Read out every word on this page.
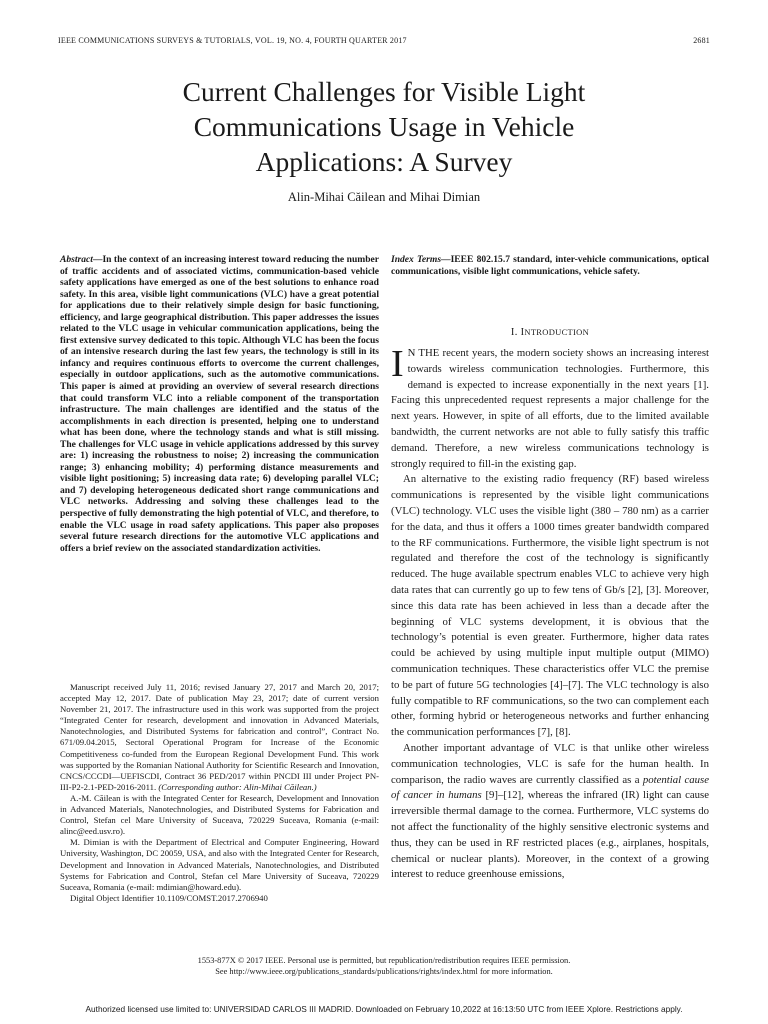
IEEE COMMUNICATIONS SURVEYS & TUTORIALS, VOL. 19, NO. 4, FOURTH QUARTER 2017	2681
Current Challenges for Visible Light
Communications Usage in Vehicle
Applications: A Survey
Alin-Mihai Căilean and Mihai Dimian
Abstract—In the context of an increasing interest toward reducing the number of traffic accidents and of associated victims, communication-based vehicle safety applications have emerged as one of the best solutions to enhance road safety. In this area, visible light communications (VLC) have a great potential for applications due to their relatively simple design for basic functioning, efficiency, and large geographical distribution. This paper addresses the issues related to the VLC usage in vehicular communication applications, being the first extensive survey dedicated to this topic. Although VLC has been the focus of an intensive research during the last few years, the technology is still in its infancy and requires continuous efforts to overcome the current challenges, especially in outdoor applications, such as the automotive communications. This paper is aimed at providing an overview of several research directions that could transform VLC into a reliable component of the transportation infrastructure. The main challenges are identified and the status of the accomplishments in each direction is presented, helping one to understand what has been done, where the technology stands and what is still missing. The challenges for VLC usage in vehicle applications addressed by this survey are: 1) increasing the robustness to noise; 2) increasing the communication range; 3) enhancing mobility; 4) performing distance measurements and visible light positioning; 5) increasing data rate; 6) developing parallel VLC; and 7) developing heterogeneous dedicated short range communications and VLC networks. Addressing and solving these challenges lead to the perspective of fully demonstrating the high potential of VLC, and therefore, to enable the VLC usage in road safety applications. This paper also proposes several future research directions for the automotive VLC applications and offers a brief review on the associated standardization activities.

Manuscript received July 11, 2016; revised January 27, 2017 and March 20, 2017; accepted May 12, 2017. Date of publication May 23, 2017; date of current version November 21, 2017. The infrastructure used in this work was supported from the project “Integrated Center for research, development and innovation in Advanced Materials, Nanotechnologies, and Distributed Systems for fabrication and control”, Contract No. 671/09.04.2015, Sectoral Operational Program for Increase of the Economic Competitiveness co-funded from the European Regional Development Fund. This work was supported by the Romanian National Authority for Scientific Research and Innovation, CNCS/CCCDI—UEFISCDI, Contract 36 PED/2017 within PNCDI III under Project PN-III-P2-2.1-PED-2016-2011. (Corresponding author: Alin-Mihai Căilean.)

A.-M. Căilean is with the Integrated Center for Research, Development and Innovation in Advanced Materials, Nanotechnologies, and Distributed Systems for Fabrication and Control, Stefan cel Mare University of Suceava, 720229 Suceava, Romania (e-mail: alinc@eed.usv.ro).

M. Dimian is with the Department of Electrical and Computer Engineering, Howard University, Washington, DC 20059, USA, and also with the Integrated Center for Research, Development and Innovation in Advanced Materials, Nanotechnologies, and Distributed Systems for Fabrication and Control, Stefan cel Mare University of Suceava, 720229 Suceava, Romania (e-mail: mdimian@howard.edu).

Digital Object Identifier 10.1109/COMST.2017.2706940

Index Terms—IEEE 802.15.7 standard, inter-vehicle communications, optical communications, visible light communications, vehicle safety.
I. INTRODUCTION

I N THE recent years, the modern society shows an increasing interest towards wireless communication technologies. Furthermore, this demand is expected to increase exponentially in the next years [1]. Facing this unprecedented request represents a major challenge for the next years. However, in spite of all efforts, due to the limited available bandwidth, the current networks are not able to fully satisfy this traffic demand. Therefore, a new wireless communications technology is strongly required to fill-in the existing gap.

An alternative to the existing radio frequency (RF) based wireless communications is represented by the visible light communications (VLC) technology. VLC uses the visible light (380 – 780 nm) as a carrier for the data, and thus it offers a 1000 times greater bandwidth compared to the RF communications. Furthermore, the visible light spectrum is not regulated and therefore the cost of the technology is significantly reduced. The huge available spectrum enables VLC to achieve very high data rates that can currently go up to few tens of Gb/s [2], [3]. Moreover, since this data rate has been achieved in less than a decade after the beginning of VLC systems development, it is obvious that the technology’s potential is even greater. Furthermore, higher data rates could be achieved by using multiple input multiple output (MIMO) communication techniques. These characteristics offer VLC the premise to be part of future 5G technologies [4]–[7]. The VLC technology is also fully compatible to RF communications, so the two can complement each other, forming hybrid or heterogeneous networks and further enhancing the communication performances [7], [8].

Another important advantage of VLC is that unlike other wireless communication technologies, VLC is safe for the human health. In comparison, the radio waves are currently classified as a potential cause of cancer in humans [9]–[12], whereas the infrared (IR) light can cause irreversible thermal damage to the cornea. Furthermore, VLC systems do not affect the functionality of the highly sensitive electronic systems and thus, they can be used in RF restricted places (e.g., airplanes, hospitals, chemical or nuclear plants). Moreover, in the context of a growing interest to reduce greenhouse emissions,

1553-877X © 2017 IEEE. Personal use is permitted, but republication/redistribution requires IEEE permission.
See http://www.ieee.org/publications_standards/publications/rights/index.html for more information.
Authorized licensed use limited to: UNIVERSIDAD CARLOS III MADRID. Downloaded on February 10,2022 at 16:13:50 UTC from IEEE Xplore. Restrictions apply.
